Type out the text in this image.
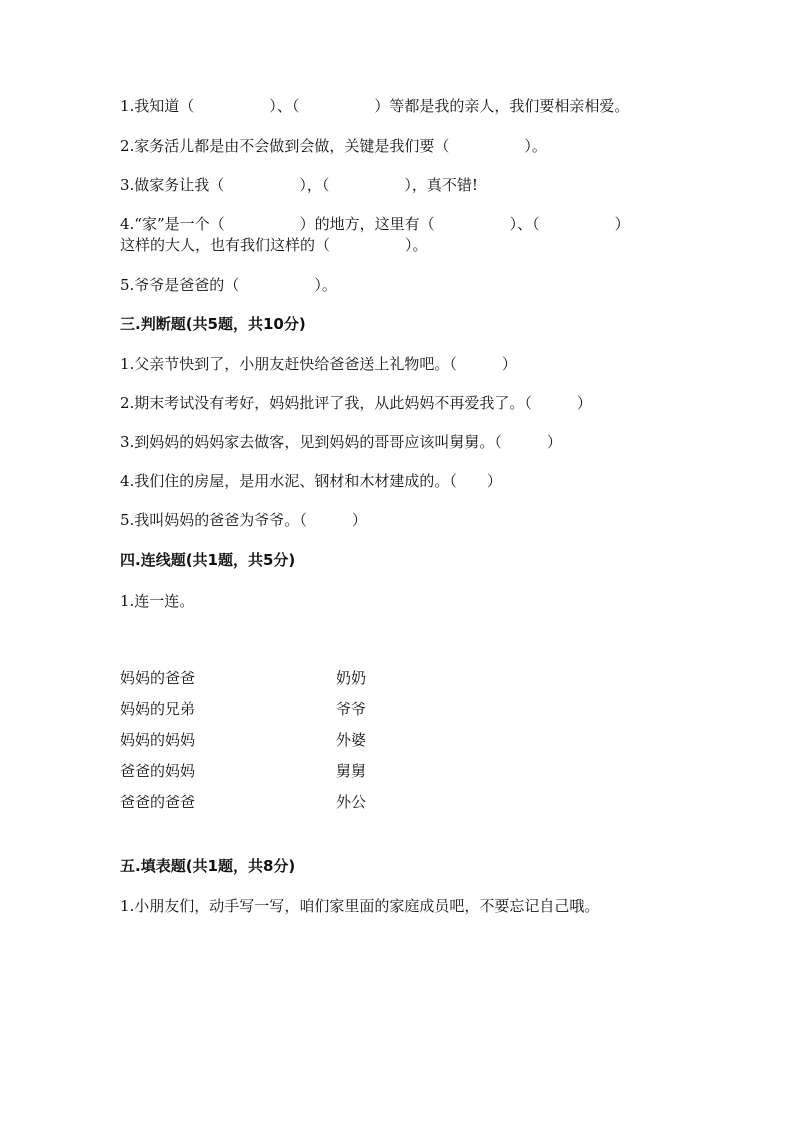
1.我知道（　　　　　）、（　　　　　）等都是我的亲人，我们要相亲相爱。
2.家务活儿都是由不会做到会做，关键是我们要（　　　　　）。
3.做家务让我（　　　　　），（　　　　　），真不错!
4.“家”是一个（　　　　　）的地方，这里有（　　　　　）、（　　　　　）
这样的大人，也有我们这样的（　　　　　）。
5.爷爷是爸爸的（　　　　　）。
三.判断题(共5题，共10分)
1.父亲节快到了，小朋友赶快给爸爸送上礼物吧。（　　　）
2.期末考试没有考好，妈妈批评了我，从此妈妈不再爱我了。（　　　）
3.到妈妈的妈妈家去做客，见到妈妈的哥哥应该叫舅舅。（　　　）
4.我们住的房屋，是用水泥、钢材和木材建成的。（　　）
5.我叫妈妈的爸爸为爷爷。（　　　）
四.连线题(共1题，共5分)
1.连一连。
妈妈的爸爸
妈妈的兄弟
妈妈的妈妈
爸爸的妈妈
爸爸的爸爸
奶奶
爷爷
外婆
舅舅
外公
五.填表题(共1题，共8分)
1.小朋友们，动手写一写，咱们家里面的家庭成员吧，不要忘记自己哦。
